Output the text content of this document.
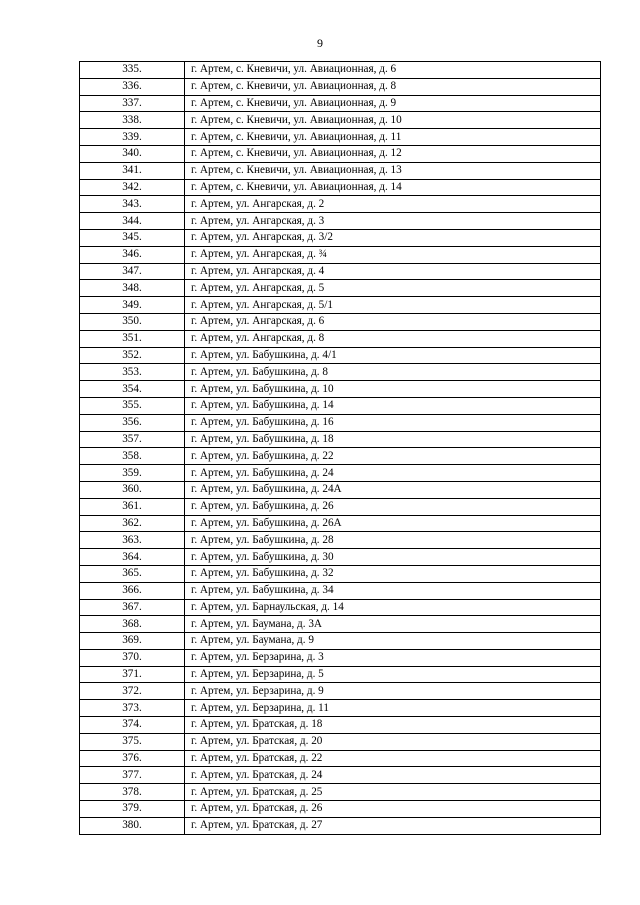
9
335.	г. Артем, с. Кневичи, ул. Авиационная, д. 6
336.	г. Артем, с. Кневичи, ул. Авиационная, д. 8
337.	г. Артем, с. Кневичи, ул. Авиационная, д. 9
338.	г. Артем, с. Кневичи, ул. Авиационная, д. 10
339.	г. Артем, с. Кневичи, ул. Авиационная, д. 11
340.	г. Артем, с. Кневичи, ул. Авиационная, д. 12
341.	г. Артем, с. Кневичи, ул. Авиационная, д. 13
342.	г. Артем, с. Кневичи, ул. Авиационная, д. 14
343.	г. Артем, ул. Ангарская, д. 2
344.	г. Артем, ул. Ангарская, д. 3
345.	г. Артем, ул. Ангарская, д. 3/2
346.	г. Артем, ул. Ангарская, д. ¾
347.	г. Артем, ул. Ангарская, д. 4
348.	г. Артем, ул. Ангарская, д. 5
349.	г. Артем, ул. Ангарская, д. 5/1
350.	г. Артем, ул. Ангарская, д. 6
351.	г. Артем, ул. Ангарская, д. 8
352.	г. Артем, ул. Бабушкина, д. 4/1
353.	г. Артем, ул. Бабушкина, д. 8
354.	г. Артем, ул. Бабушкина, д. 10
355.	г. Артем, ул. Бабушкина, д. 14
356.	г. Артем, ул. Бабушкина, д. 16
357.	г. Артем, ул. Бабушкина, д. 18
358.	г. Артем, ул. Бабушкина, д. 22
359.	г. Артем, ул. Бабушкина, д. 24
360.	г. Артем, ул. Бабушкина, д. 24А
361.	г. Артем, ул. Бабушкина, д. 26
362.	г. Артем, ул. Бабушкина, д. 26А
363.	г. Артем, ул. Бабушкина, д. 28
364.	г. Артем, ул. Бабушкина, д. 30
365.	г. Артем, ул. Бабушкина, д. 32
366.	г. Артем, ул. Бабушкина, д. 34
367.	г. Артем, ул. Барнаульская, д. 14
368.	г. Артем, ул. Баумана, д. 3А
369.	г. Артем, ул. Баумана, д. 9
370.	г. Артем, ул. Берзарина, д. 3
371.	г. Артем, ул. Берзарина, д. 5
372.	г. Артем, ул. Берзарина, д. 9
373.	г. Артем, ул. Берзарина, д. 11
374.	г. Артем, ул. Братская, д. 18
375.	г. Артем, ул. Братская, д. 20
376.	г. Артем, ул. Братская, д. 22
377.	г. Артем, ул. Братская, д. 24
378.	г. Артем, ул. Братская, д. 25
379.	г. Артем, ул. Братская, д. 26
380.	г. Артем, ул. Братская, д. 27
